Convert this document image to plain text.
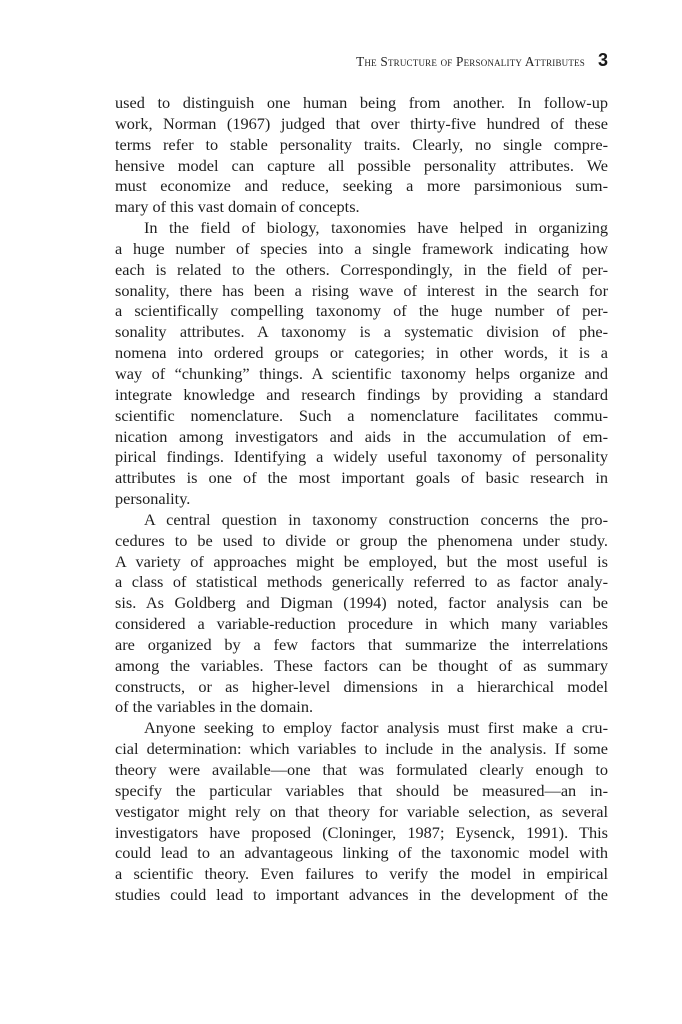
The Structure of Personality Attributes 3
used to distinguish one human being from another. In follow-up
work, Norman (1967) judged that over thirty-five hundred of these
terms refer to stable personality traits. Clearly, no single compre-
hensive model can capture all possible personality attributes. We
must economize and reduce, seeking a more parsimonious sum-
mary of this vast domain of concepts.
In the field of biology, taxonomies have helped in organizing
a huge number of species into a single framework indicating how
each is related to the others. Correspondingly, in the field of per-
sonality, there has been a rising wave of interest in the search for
a scientifically compelling taxonomy of the huge number of per-
sonality attributes. A taxonomy is a systematic division of phe-
nomena into ordered groups or categories; in other words, it is a
way of “chunking” things. A scientific taxonomy helps organize and
integrate knowledge and research findings by providing a standard
scientific nomenclature. Such a nomenclature facilitates commu-
nication among investigators and aids in the accumulation of em-
pirical findings. Identifying a widely useful taxonomy of personality
attributes is one of the most important goals of basic research in
personality.
A central question in taxonomy construction concerns the pro-
cedures to be used to divide or group the phenomena under study.
A variety of approaches might be employed, but the most useful is
a class of statistical methods generically referred to as factor analy-
sis. As Goldberg and Digman (1994) noted, factor analysis can be
considered a variable-reduction procedure in which many variables
are organized by a few factors that summarize the interrelations
among the variables. These factors can be thought of as summary
constructs, or as higher-level dimensions in a hierarchical model
of the variables in the domain.
Anyone seeking to employ factor analysis must first make a cru-
cial determination: which variables to include in the analysis. If some
theory were available—one that was formulated clearly enough to
specify the particular variables that should be measured—an in-
vestigator might rely on that theory for variable selection, as several
investigators have proposed (Cloninger, 1987; Eysenck, 1991). This
could lead to an advantageous linking of the taxonomic model with
a scientific theory. Even failures to verify the model in empirical
studies could lead to important advances in the development of the
